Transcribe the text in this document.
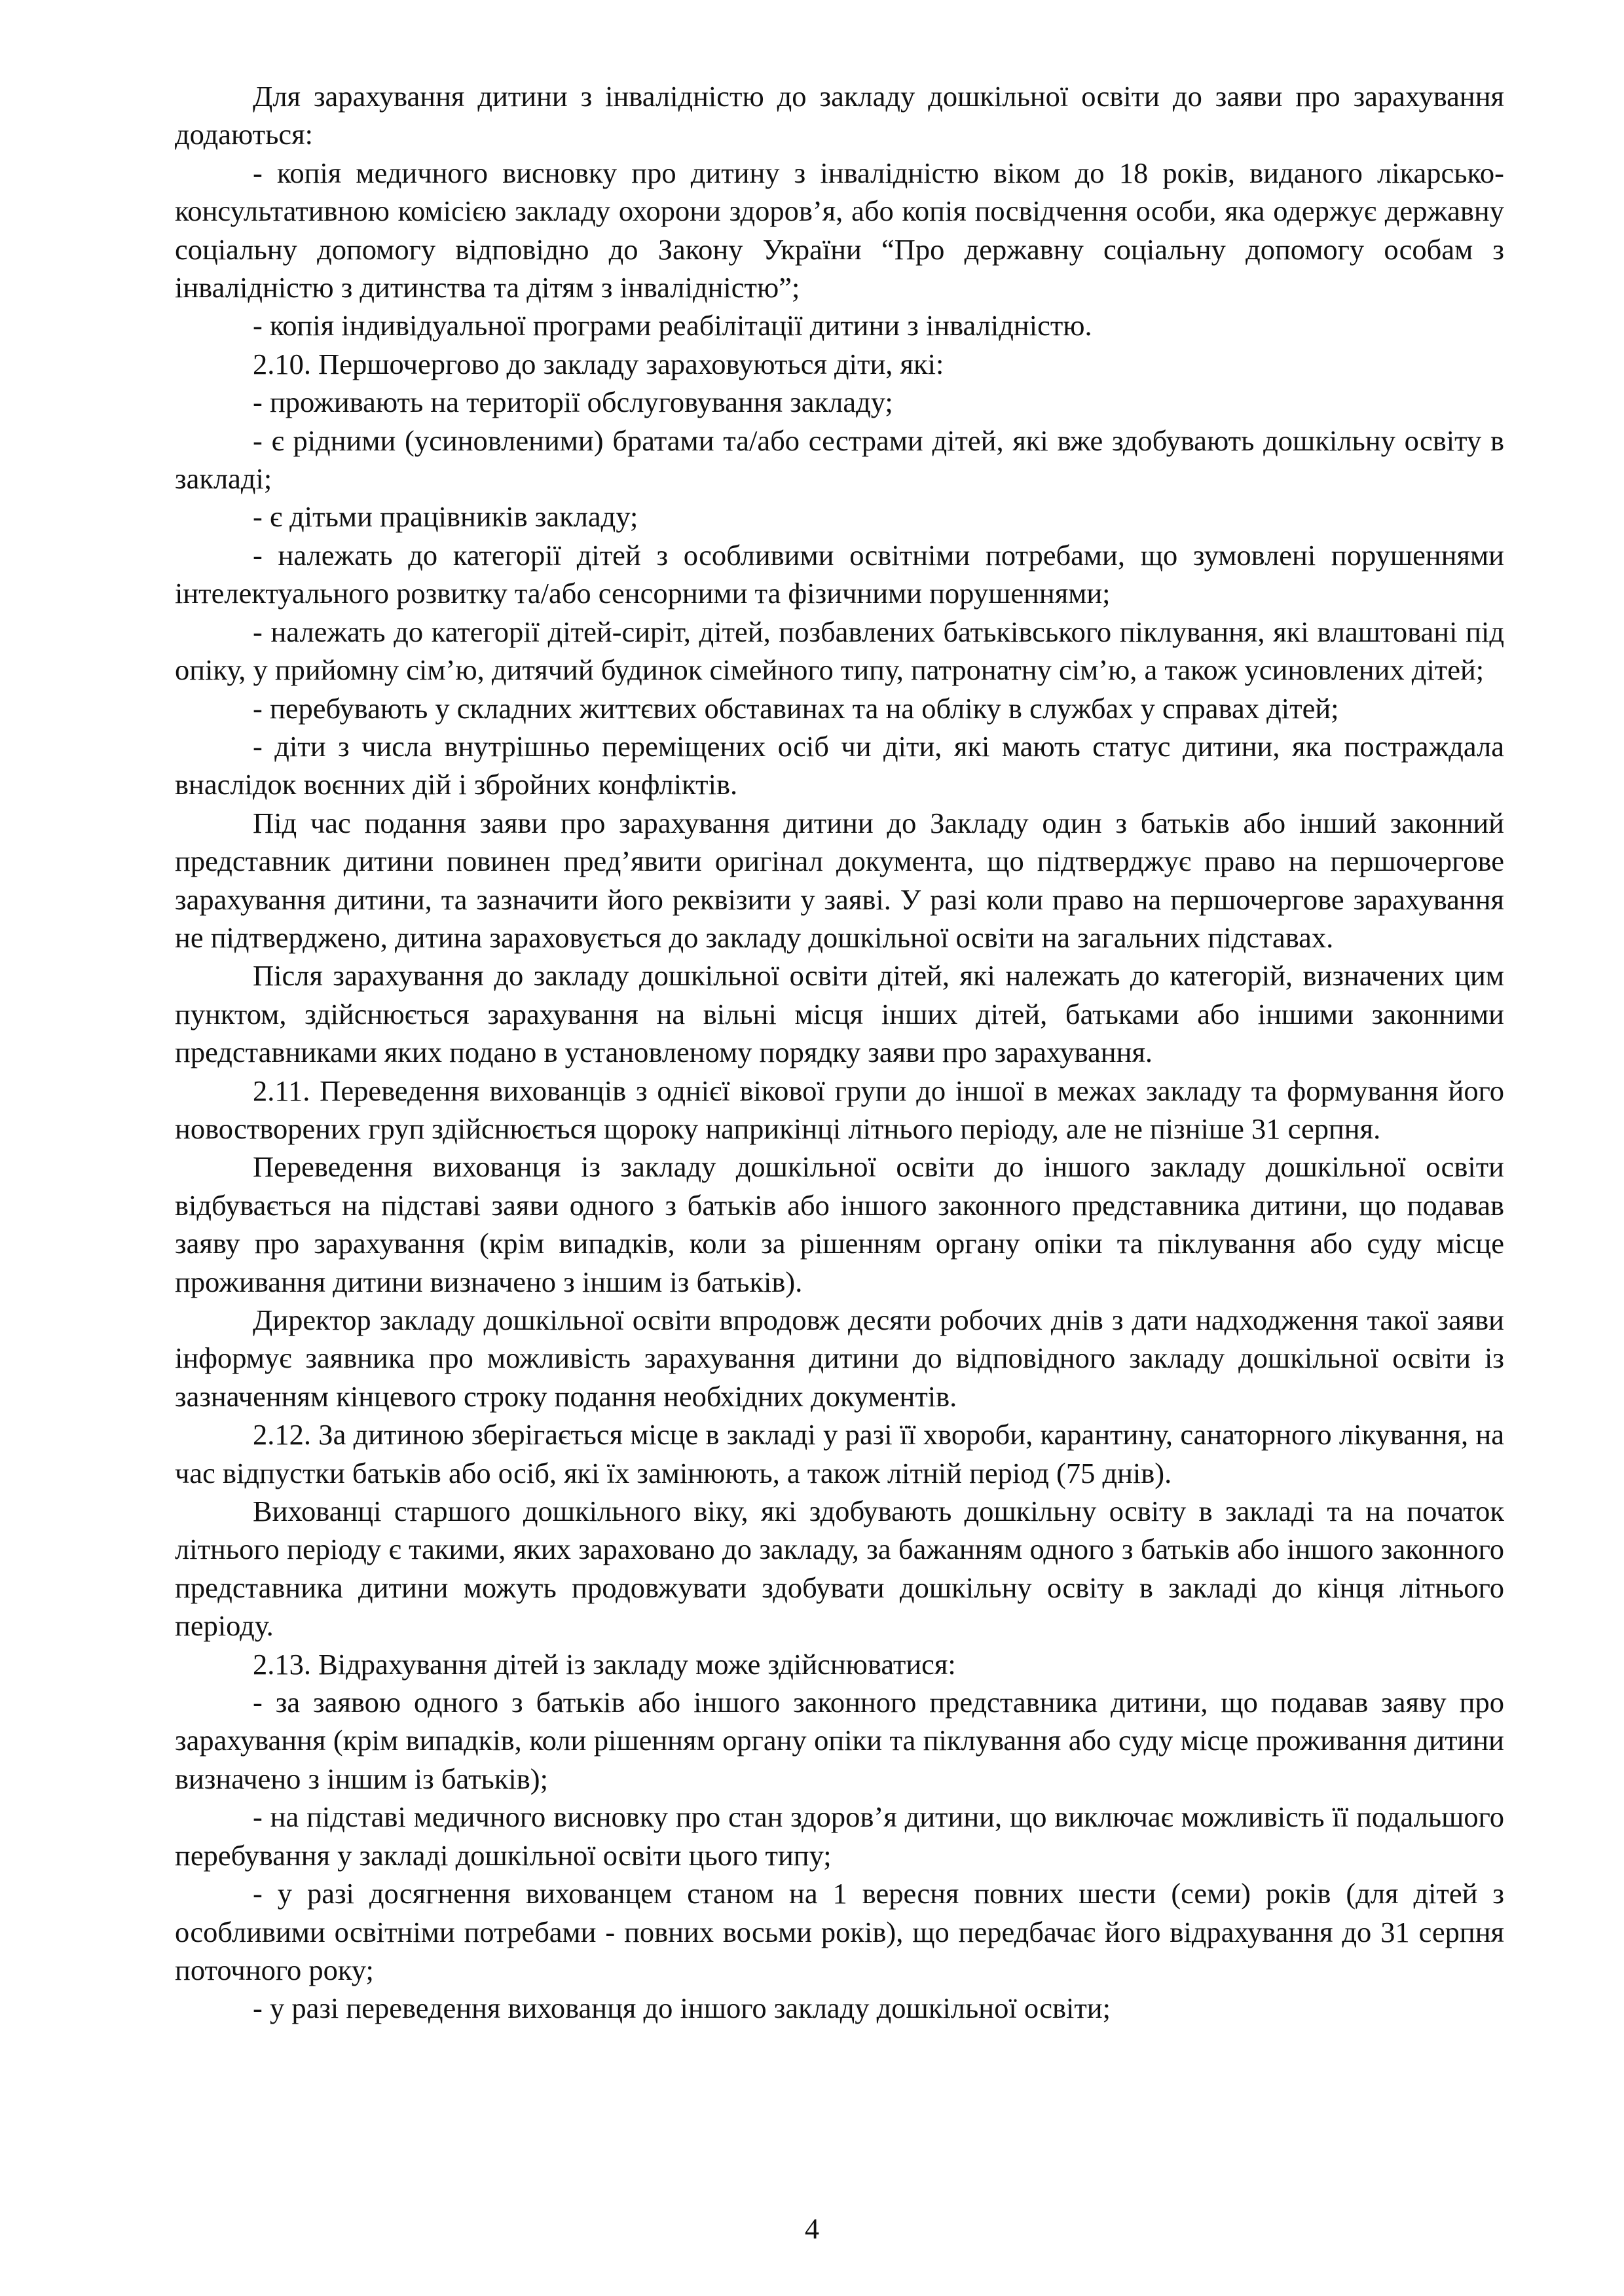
Для зарахування дитини з інвалідністю до закладу дошкільної освіти до заяви про зарахування додаються:

- копія медичного висновку про дитину з інвалідністю віком до 18 років, виданого лікарсько-консультативною комісією закладу охорони здоров’я, або копія посвідчення особи, яка одержує державну соціальну допомогу відповідно до Закону України “Про державну соціальну допомогу особам з інвалідністю з дитинства та дітям з інвалідністю”;

- копія індивідуальної програми реабілітації дитини з інвалідністю.

2.10. Першочергово до закладу зараховуються діти, які:

- проживають на території обслуговування закладу;

- є рідними (усиновленими) братами та/або сестрами дітей, які вже здобувають дошкільну освіту в закладі;

- є дітьми працівників закладу;

- належать до категорії дітей з особливими освітніми потребами, що зумовлені порушеннями інтелектуального розвитку та/або сенсорними та фізичними порушеннями;

- належать до категорії дітей-сиріт, дітей, позбавлених батьківського піклування, які влаштовані під опіку, у прийомну сім’ю, дитячий будинок сімейного типу, патронатну сім’ю, а також усиновлених дітей;

- перебувають у складних життєвих обставинах та на обліку в службах у справах дітей;

- діти з числа внутрішньо переміщених осіб чи діти, які мають статус дитини, яка постраждала внаслідок воєнних дій і збройних конфліктів.

Під час подання заяви про зарахування дитини до Закладу один з батьків або інший законний представник дитини повинен пред’явити оригінал документа, що підтверджує право на першочергове зарахування дитини, та зазначити його реквізити у заяві. У разі коли право на першочергове зарахування не підтверджено, дитина зараховується до закладу дошкільної освіти на загальних підставах.

Після зарахування до закладу дошкільної освіти дітей, які належать до категорій, визначених цим пунктом, здійснюється зарахування на вільні місця інших дітей, батьками або іншими законними представниками яких подано в установленому порядку заяви про зарахування.

2.11. Переведення вихованців з однієї вікової групи до іншої в межах закладу та формування його новостворених груп здійснюється щороку наприкінці літнього періоду, але не пізніше 31 серпня.

Переведення вихованця із закладу дошкільної освіти до іншого закладу дошкільної освіти відбувається на підставі заяви одного з батьків або іншого законного представника дитини, що подавав заяву про зарахування (крім випадків, коли за рішенням органу опіки та піклування або суду місце проживання дитини визначено з іншим із батьків).

Директор закладу дошкільної освіти впродовж десяти робочих днів з дати надходження такої заяви інформує заявника про можливість зарахування дитини до відповідного закладу дошкільної освіти із зазначенням кінцевого строку подання необхідних документів.

2.12. За дитиною зберігається місце в закладі у разі її хвороби, карантину, санаторного лікування, на час відпустки батьків або осіб, які їх замінюють, а також літній період (75 днів).

Вихованці старшого дошкільного віку, які здобувають дошкільну освіту в закладі та на початок літнього періоду є такими, яких зараховано до закладу, за бажанням одного з батьків або іншого законного представника дитини можуть продовжувати здобувати дошкільну освіту в закладі до кінця літнього періоду.

2.13. Відрахування дітей із закладу може здійснюватися:

- за заявою одного з батьків або іншого законного представника дитини, що подавав заяву про зарахування (крім випадків, коли рішенням органу опіки та піклування або суду місце проживання дитини визначено з іншим із батьків);

- на підставі медичного висновку про стан здоров’я дитини, що виключає можливість її подальшого перебування у закладі дошкільної освіти цього типу;

- у разі досягнення вихованцем станом на 1 вересня повних шести (семи) років (для дітей з особливими освітніми потребами - повних восьми років), що передбачає його відрахування до 31 серпня поточного року;

- у разі переведення вихованця до іншого закладу дошкільної освіти;

4
